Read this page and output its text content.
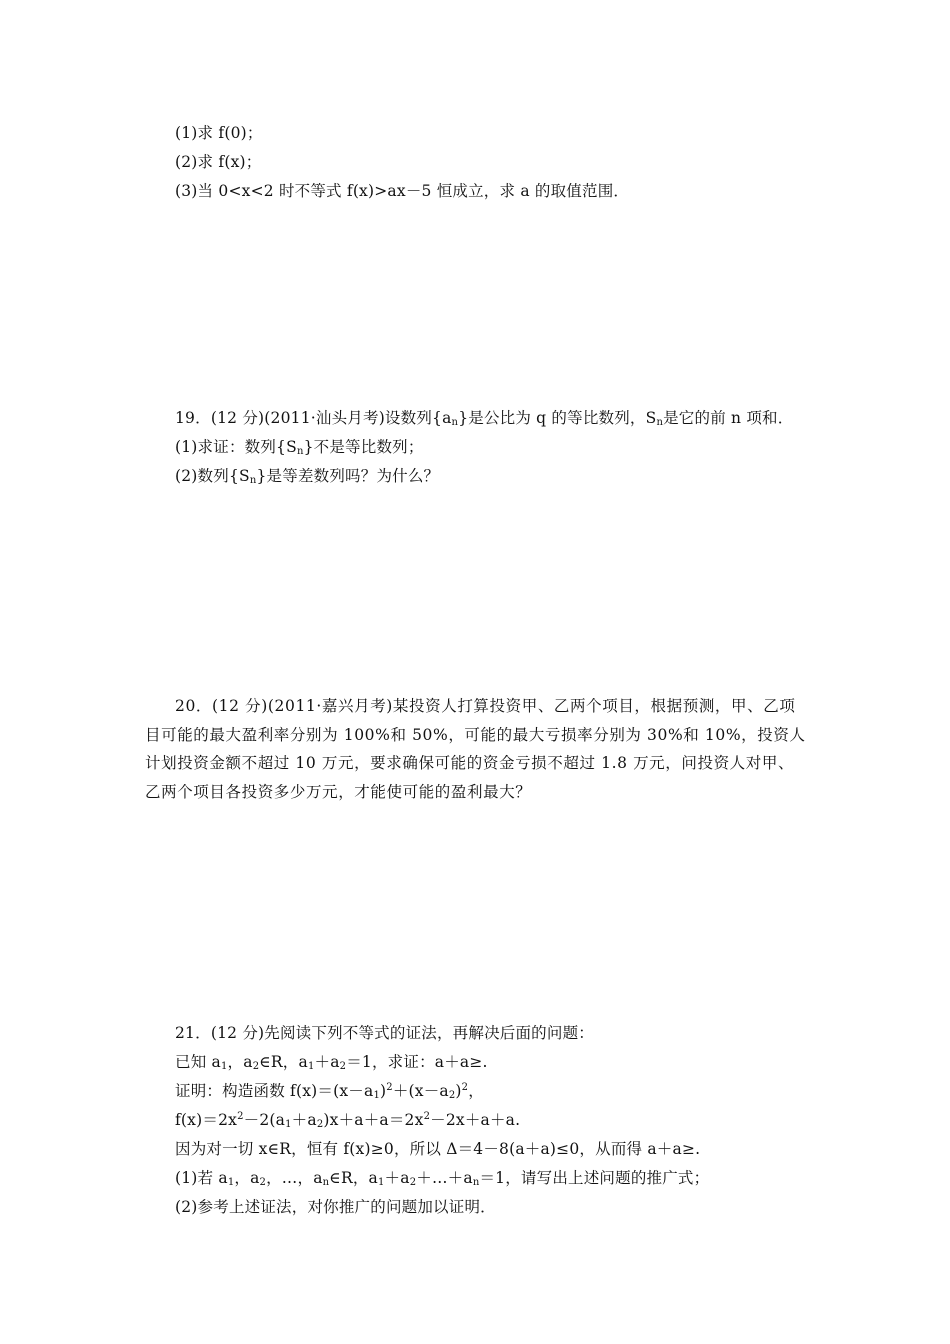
(1)求 f(0)；
(2)求 f(x)；
(3)当 0<x<2 时不等式 f(x)>ax－5 恒成立，求 a 的取值范围．
19．(12 分)(2011·汕头月考)设数列$\{a_n\}$是公比为 q 的等比数列，$S_n$是它的前 n 项和．
(1)求证：数列$\{S_n\}$不是等比数列；
(2)数列$\{S_n\}$是等差数列吗？为什么？
20．(12 分)(2011·嘉兴月考)某投资人打算投资甲、乙两个项目，根据预测，甲、乙项目可能的最大盈利率分别为 100%和 50%，可能的最大亏损率分别为 30%和 10%，投资人计划投资金额不超过 10 万元，要求确保可能的资金亏损不超过 1.8 万元，问投资人对甲、乙两个项目各投资多少万元，才能使可能的盈利最大？
21．(12 分)先阅读下列不等式的证法，再解决后面的问题：
已知 $a_1$，$a_2\in R$，$a_1+a_2=1$，求证：a＋a≥.
证明：构造函数 $f(x)=(x-a_1)^2+(x-a_2)^2$，
$f(x)=2x^2-2(a_1+a_2)x+a+a=2x^2-2x+a+a$.
因为对一切 x∈R，恒有 f(x)≥0，所以 Δ＝4－8(a＋a)≤0，从而得 a＋a≥.
(1)若 $a_1$，$a_2$，…，$a_n\in R$，$a_1+a_2+\dots+a_n=1$，请写出上述问题的推广式；
(2)参考上述证法，对你推广的问题加以证明．
